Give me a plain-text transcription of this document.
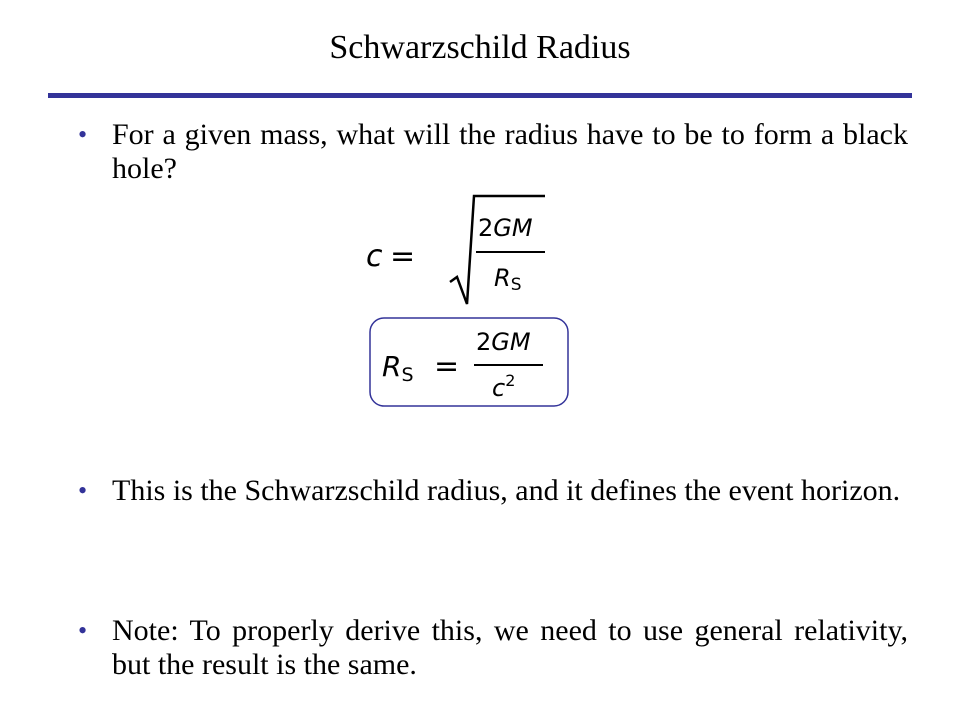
Schwarzschild Radius
• For a given mass, what will the radius have to be to form a black hole?
• This is the Schwarzschild radius, and it defines the event horizon.
• Note: To properly derive this, we need to use general relativity, but the result is the same.
c =
2GM
RS
RS =
2GM
$c^2$
